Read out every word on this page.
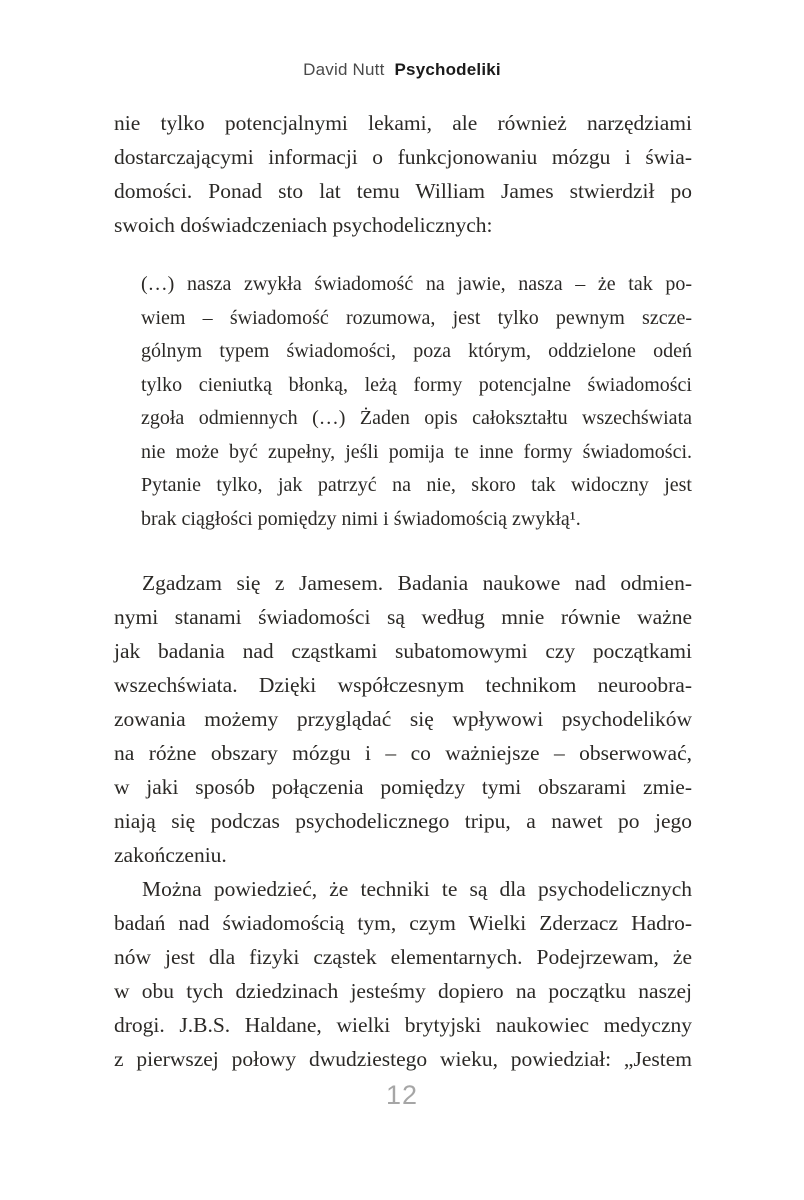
David Nutt Psychodeliki
nie tylko potencjalnymi lekami, ale również narzędziami
dostarczającymi informacji o funkcjonowaniu mózgu i świa-
domości. Ponad sto lat temu William James stwierdził po
swoich doświadczeniach psychodelicznych:
(…) nasza zwykła świadomość na jawie, nasza – że tak po-
wiem – świadomość rozumowa, jest tylko pewnym szcze-
gólnym typem świadomości, poza którym, oddzielone odeń
tylko cieniutką błonką, leżą formy potencjalne świadomości
zgoła odmiennych (…) Żaden opis całokształtu wszechświata
nie może być zupełny, jeśli pomija te inne formy świadomości.
Pytanie tylko, jak patrzyć na nie, skoro tak widoczny jest
brak ciągłości pomiędzy nimi i świadomością zwykłą¹.
Zgadzam się z Jamesem. Badania naukowe nad odmien-
nymi stanami świadomości są według mnie równie ważne
jak badania nad cząstkami subatomowymi czy początkami
wszechświata. Dzięki współczesnym technikom neuroobra-
zowania możemy przyglądać się wpływowi psychodelików
na różne obszary mózgu i – co ważniejsze – obserwować,
w jaki sposób połączenia pomiędzy tymi obszarami zmie-
niają się podczas psychodelicznego tripu, a nawet po jego
zakończeniu.
Można powiedzieć, że techniki te są dla psychodelicznych
badań nad świadomością tym, czym Wielki Zderzacz Hadro-
nów jest dla fizyki cząstek elementarnych. Podejrzewam, że
w obu tych dziedzinach jesteśmy dopiero na początku naszej
drogi. J.B.S. Haldane, wielki brytyjski naukowiec medyczny
z pierwszej połowy dwudziestego wieku, powiedział: „Jestem
12
